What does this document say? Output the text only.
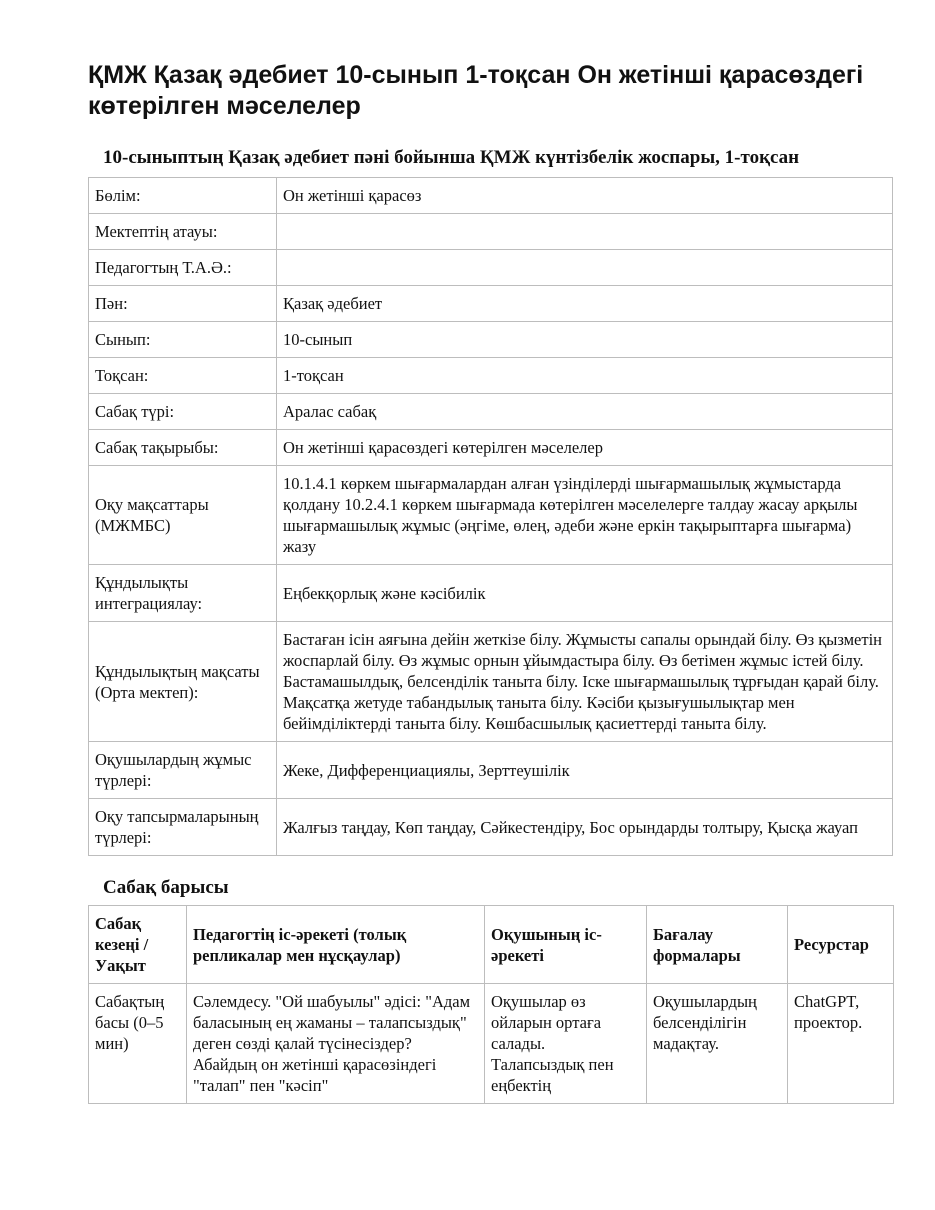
ҚМЖ Қазақ әдебиет 10-сынып 1-тоқсан Он жетінші қарасөздегі көтерілген мәселелер
10-сыныптың Қазақ әдебиет пәні бойынша ҚМЖ күнтізбелік жоспары, 1-тоқсан
Бөлім:	Он жетінші қарасөз
Мектептің атауы:	
Педагогтың Т.А.Ә.:	
Пән:	Қазақ әдебиет
Сынып:	10-сынып
Тоқсан:	1-тоқсан
Сабақ түрі:	Аралас сабақ
Сабақ тақырыбы:	Он жетінші қарасөздегі көтерілген мәселелер
Оқу мақсаттары (МЖМБС)	10.1.4.1 көркем шығармалардан алған үзінділерді шығармашылық жұмыстарда қолдану 10.2.4.1 көркем шығармада көтерілген мәселелерге талдау жасау арқылы шығармашылық жұмыс (әңгіме, өлең, әдеби және еркін тақырыптарға шығарма) жазу
Құндылықты интеграциялау:	Еңбекқорлық және кәсібилік
Құндылықтың мақсаты (Орта мектеп):	Бастаған ісін аяғына дейін жеткізе білу. Жұмысты сапалы орындай білу. Өз қызметін жоспарлай білу. Өз жұмыс орнын ұйымдастыра білу. Өз бетімен жұмыс істей білу. Бастамашылдық, белсенділік таныта білу. Іске шығармашылық тұрғыдан қарай білу. Мақсатқа жетуде табандылық таныта білу. Кәсіби қызығушылықтар мен бейімділіктерді таныта білу. Көшбасшылық қасиеттерді таныта білу.
Оқушылардың жұмыс түрлері:	Жеке, Дифференциациялы, Зерттеушілік
Оқу тапсырмаларының түрлері:	Жалғыз таңдау, Көп таңдау, Сәйкестендіру, Бос орындарды толтыру, Қысқа жауап
Сабақ барысы
Сабақ кезеңі / Уақыт	Педагогтің іс-әрекеті (толық репликалар мен нұсқаулар)	Оқушының іс-әрекеті	Бағалау формалары	Ресурстар
Сабақтың басы (0–5 мин)	Сәлемдесу. "Ой шабуылы" әдісі: "Адам баласының ең жаманы – талапсыздық" деген сөзді қалай түсінесіздер? Абайдың он жетінші қарасөзіндегі "талап" пен "кәсіп"	Оқушылар өз ойларын ортаға салады. Талапсыздық пен еңбектің	Оқушылардың белсенділігін мадақтау.	ChatGPT, проектор.
